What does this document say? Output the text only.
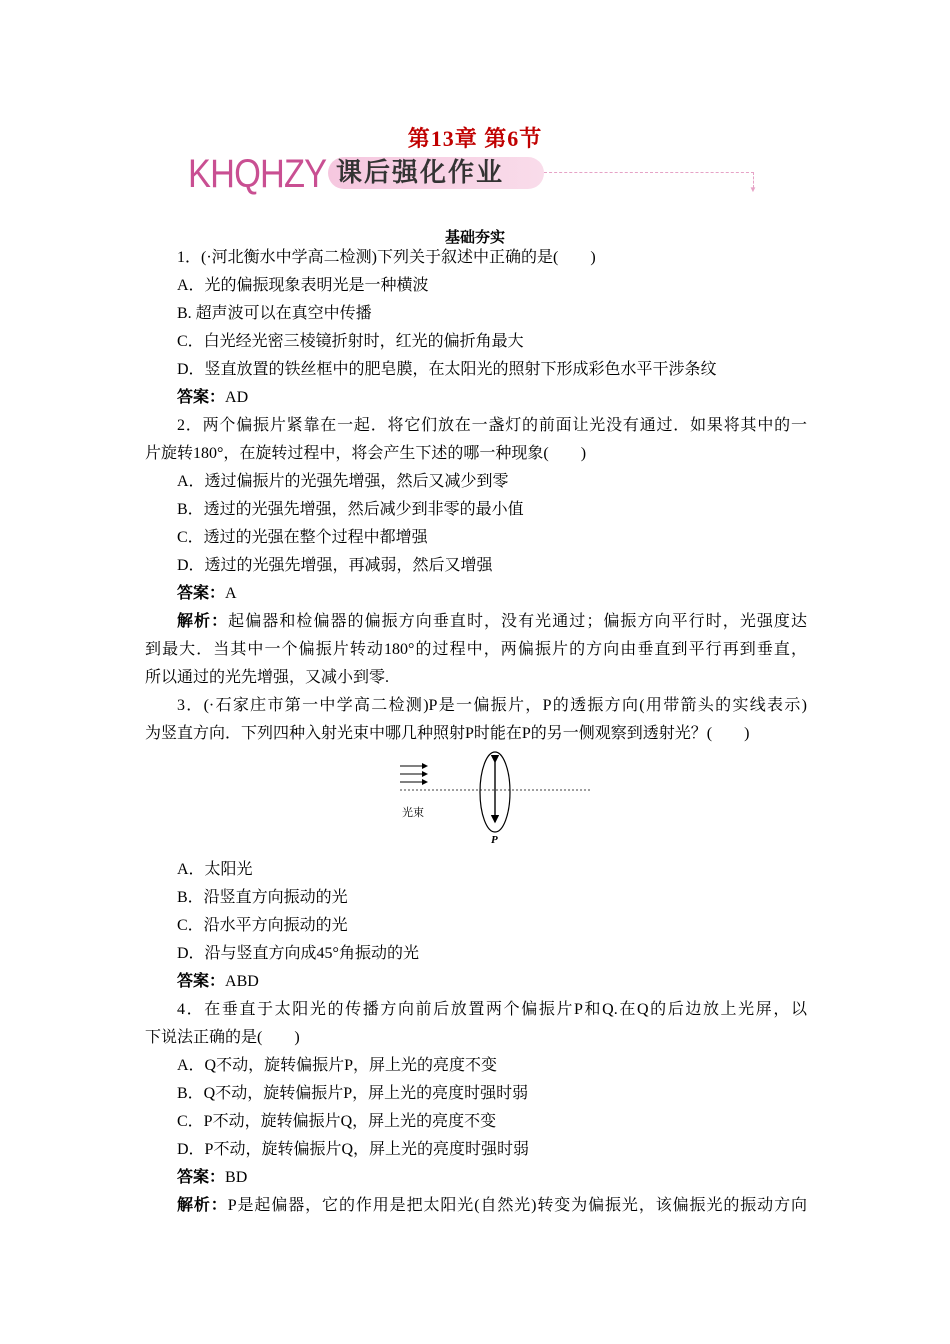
第13章 第6节
KHQHZY 课后强化作业
▼
基础夯实
1．(·河北衡水中学高二检测)下列关于叙述中正确的是(　　)
A．光的偏振现象表明光是一种横波
B. 超声波可以在真空中传播
C．白光经光密三棱镜折射时，红光的偏折角最大
D．竖直放置的铁丝框中的肥皂膜，在太阳光的照射下形成彩色水平干涉条纹
答案：AD
2．两个偏振片紧靠在一起．将它们放在一盏灯的前面让光没有通过．如果将其中的一
片旋转180°，在旋转过程中，将会产生下述的哪一种现象(　　)
A．透过偏振片的光强先增强，然后又减少到零
B．透过的光强先增强，然后减少到非零的最小值
C．透过的光强在整个过程中都增强
D．透过的光强先增强，再减弱，然后又增强
答案：A
解析：起偏器和检偏器的偏振方向垂直时，没有光通过；偏振方向平行时，光强度达
到最大．当其中一个偏振片转动180°的过程中，两偏振片的方向由垂直到平行再到垂直，
所以通过的光先增强，又减小到零.
3．(·石家庄市第一中学高二检测)P是一偏振片，P的透振方向(用带箭头的实线表示)
为竖直方向．下列四种入射光束中哪几种照射P时能在P的另一侧观察到透射光？(　　)
光束
P
A．太阳光
B．沿竖直方向振动的光
C．沿水平方向振动的光
D．沿与竖直方向成45°角振动的光
答案：ABD
4．在垂直于太阳光的传播方向前后放置两个偏振片P和Q.在Q的后边放上光屏，以
下说法正确的是(　　)
A．Q不动，旋转偏振片P，屏上光的亮度不变
B．Q不动，旋转偏振片P，屏上光的亮度时强时弱
C．P不动，旋转偏振片Q，屏上光的亮度不变
D．P不动，旋转偏振片Q，屏上光的亮度时强时弱
答案：BD
解析：P是起偏器，它的作用是把太阳光(自然光)转变为偏振光，该偏振光的振动方向
